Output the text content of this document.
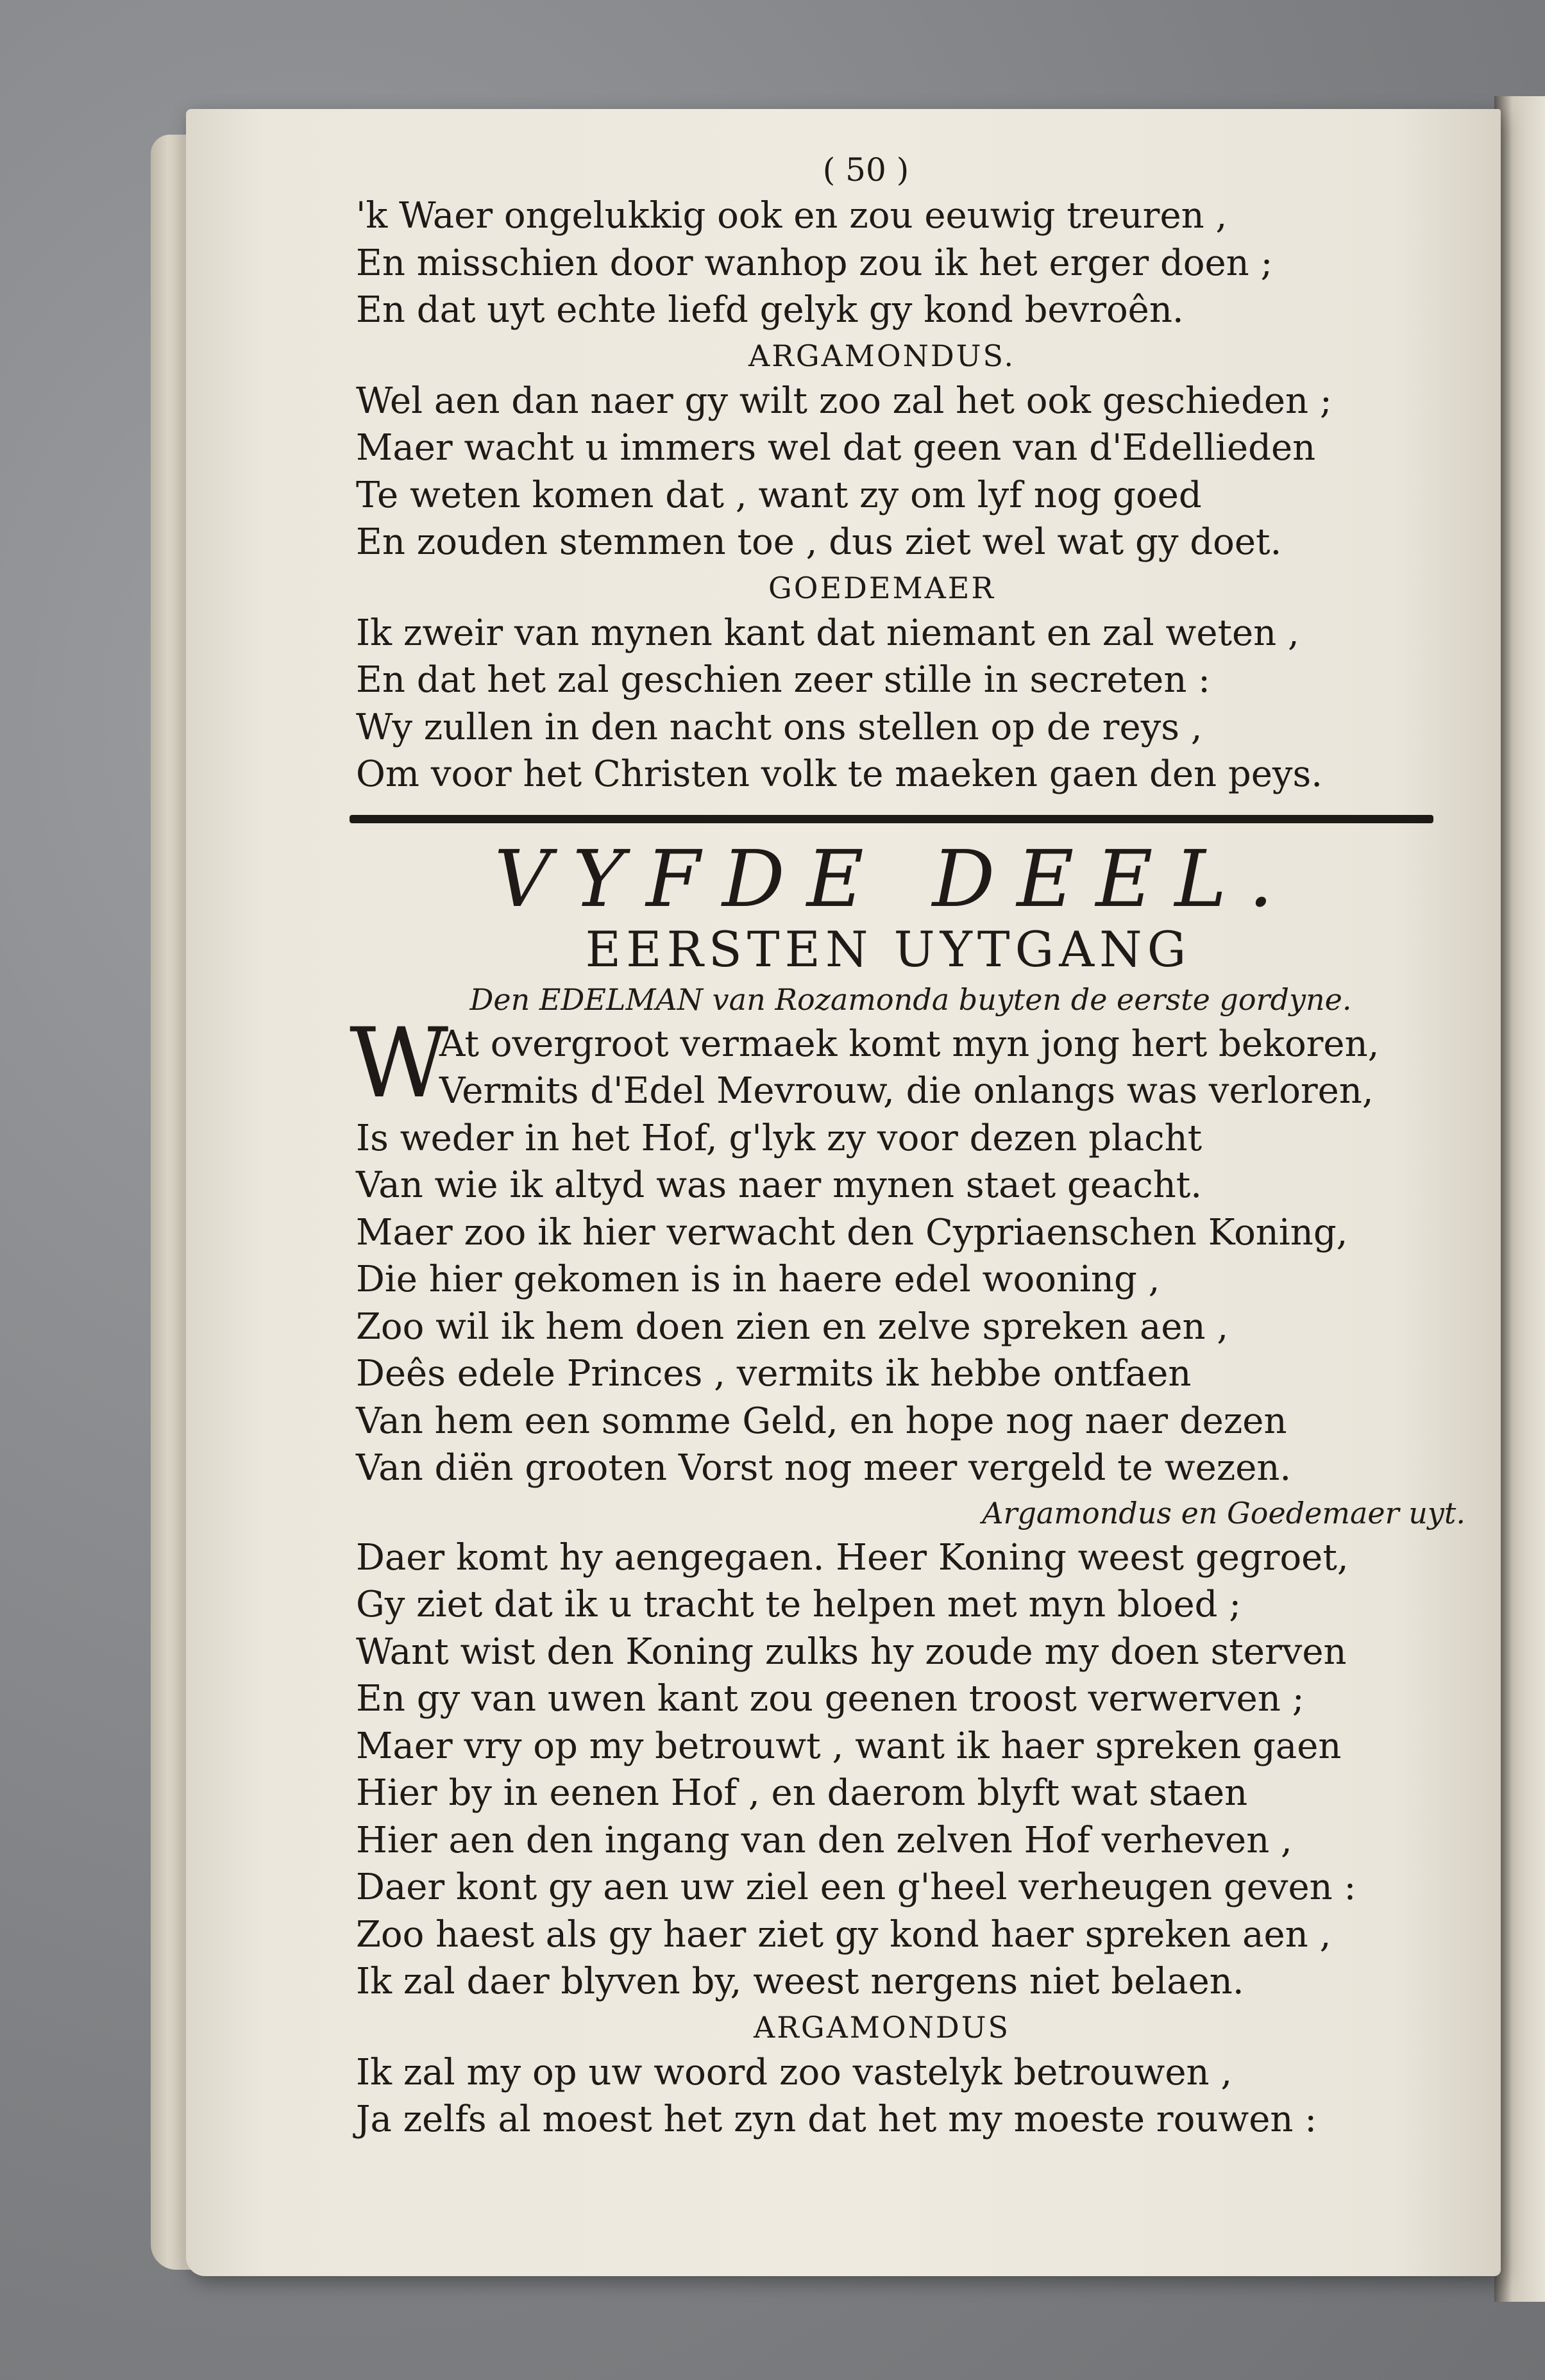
( 50 )
'k Waer ongelukkig ook en zou eeuwig treuren ,
En misschien door wanhop zou ik het erger doen ;
En dat uyt echte liefd gelyk gy kond bevroên.
ARGAMONDUS.
Wel aen dan naer gy wilt zoo zal het ook geschieden ;
Maer wacht u immers wel dat geen van d'Edellieden
Te weten komen dat , want zy om lyf nog goed
En zouden stemmen toe , dus ziet wel wat gy doet.
GOEDEMAER
Ik zweir van mynen kant dat niemant en zal weten ,
En dat het zal geschien zeer stille in secreten :
Wy zullen in den nacht ons stellen op de reys ,
Om voor het Christen volk te maeken gaen den peys.
VYFDE DEEL.
EERSTEN UYTGANG
Den EDELMAN van Rozamonda buyten de eerste gordyne.
W
At overgroot vermaek komt myn jong hert bekoren,
Vermits d'Edel Mevrouw, die onlangs was verloren,
Is weder in het Hof, g'lyk zy voor dezen placht
Van wie ik altyd was naer mynen staet geacht.
Maer zoo ik hier verwacht den Cypriaenschen Koning,
Die hier gekomen is in haere edel wooning ,
Zoo wil ik hem doen zien en zelve spreken aen ,
Deês edele Princes , vermits ik hebbe ontfaen
Van hem een somme Geld, en hope nog naer dezen
Van diën grooten Vorst nog meer vergeld te wezen.
Argamondus en Goedemaer uyt.
Daer komt hy aengegaen. Heer Koning weest gegroet,
Gy ziet dat ik u tracht te helpen met myn bloed ;
Want wist den Koning zulks hy zoude my doen sterven
En gy van uwen kant zou geenen troost verwerven ;
Maer vry op my betrouwt , want ik haer spreken gaen
Hier by in eenen Hof , en daerom blyft wat staen
Hier aen den ingang van den zelven Hof verheven ,
Daer kont gy aen uw ziel een g'heel verheugen geven :
Zoo haest als gy haer ziet gy kond haer spreken aen ,
Ik zal daer blyven by, weest nergens niet belaen.
ARGAMONDUS
Ik zal my op uw woord zoo vastelyk betrouwen ,
Ja zelfs al moest het zyn dat het my moeste rouwen :
